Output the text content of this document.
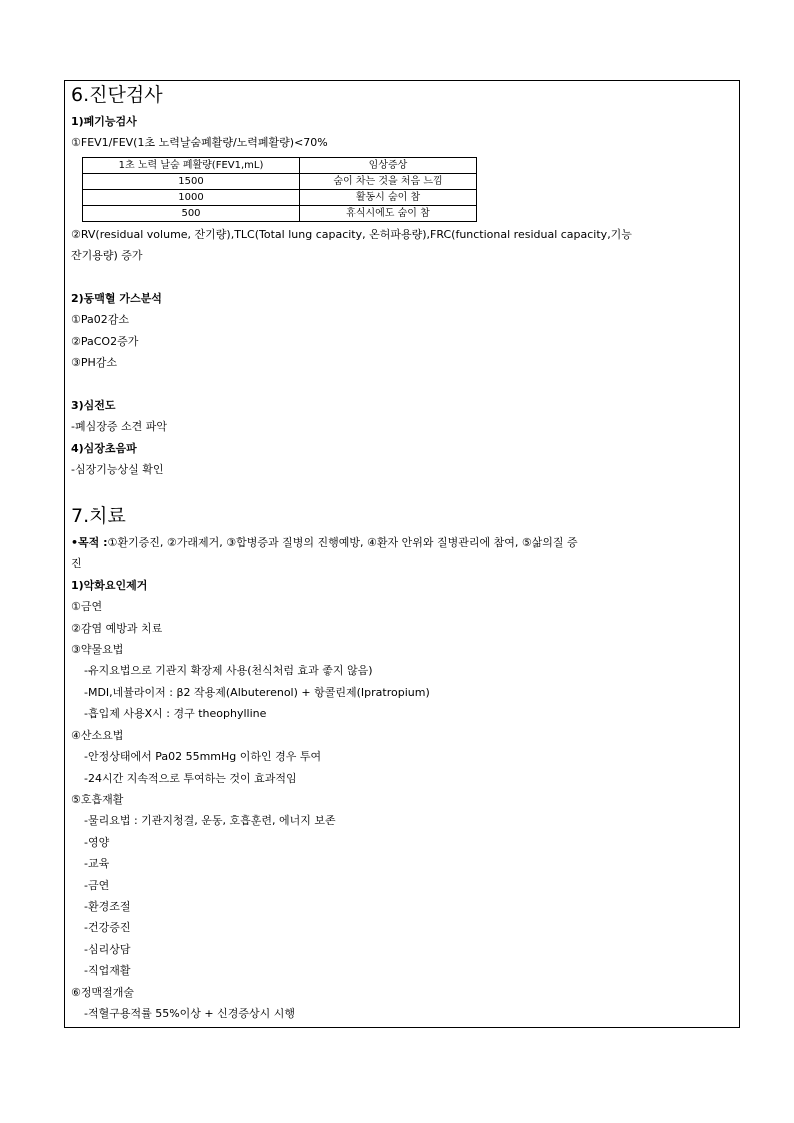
6.진단검사
1)폐기능검사
①FEV1/FEV(1초 노력날숨폐활량/노력폐활량)<70%
1초 노력 날숨 폐활량(FEV1,mL)	임상증상
1500	숨이 차는 것을 처음 느낌
1000	활동시 숨이 참
500	휴식시에도 숨이 참
②RV(residual volume, 잔기량),TLC(Total lung capacity, 온허파용량),FRC(functional residual capacity,기능
잔기용량) 증가
2)동맥혈 가스분석
①Pa02감소
②PaCO2증가
③PH감소
3)심전도
-폐심장증 소견 파악
4)심장초음파
-심장기능상실 확인
7.치료
•목적 :①환기증진, ②가래제거, ③합병증과 질병의 진행예방, ④환자 안위와 질병관리에 참여, ⑤삶의질 증
진
1)악화요인제거
①금연
②감염 예방과 치료
③약물요법
-유지요법으로 기관지 확장제 사용(천식처럼 효과 좋지 않음)
-MDI,네뷸라이저 : β2 작용제(Albuterenol) + 항콜린제(Ipratropium)
-흡입제 사용X시 : 경구 theophylline
④산소요법
-안정상태에서 Pa02 55mmHg 이하인 경우 투여
-24시간 지속적으로 투여하는 것이 효과적임
⑤호흡재활
-물리요법 : 기관지청결, 운동, 호흡훈련, 에너지 보존
-영양
-교육
-금연
-환경조절
-건강증진
-심리상담
-직업재활
⑥정맥절개술
-적혈구용적률 55%이상 + 신경증상시 시행
